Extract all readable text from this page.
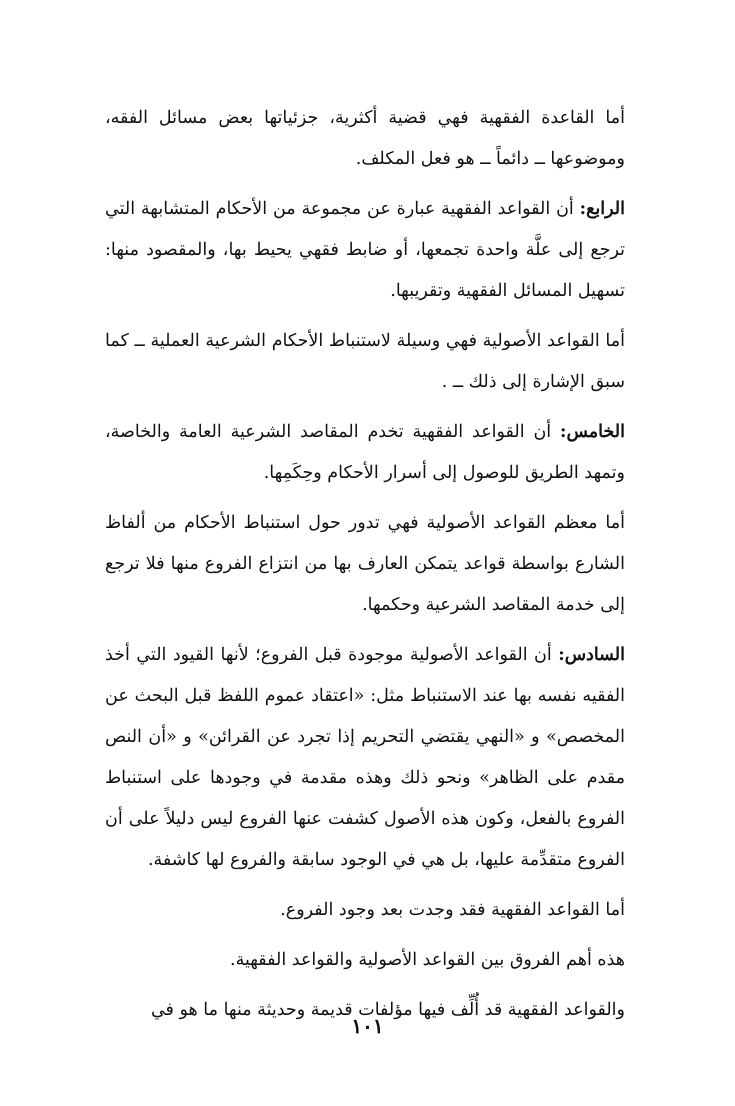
أما القاعدة الفقهية فهي قضية أكثرية، جزئياتها بعض مسائل الفقه، وموضوعها ــ دائماً ــ هو فعل المكلف.

الرابع: أن القواعد الفقهية عبارة عن مجموعة من الأحكام المتشابهة التي ترجع إلى علَّة واحدة تجمعها، أو ضابط فقهي يحيط بها، والمقصود منها: تسهيل المسائل الفقهية وتقريبها.

أما القواعد الأصولية فهي وسيلة لاستنباط الأحكام الشرعية العملية ــ كما سبق الإشارة إلى ذلك ــ .

الخامس: أن القواعد الفقهية تخدم المقاصد الشرعية العامة والخاصة، وتمهد الطريق للوصول إلى أسرار الأحكام وحِكَمِها.

أما معظم القواعد الأصولية فهي تدور حول استنباط الأحكام من ألفاظ الشارع بواسطة قواعد يتمكن العارف بها من انتزاع الفروع منها فلا ترجع إلى خدمة المقاصد الشرعية وحكمها.

السادس: أن القواعد الأصولية موجودة قبل الفروع؛ لأنها القيود التي أخذ الفقيه نفسه بها عند الاستنباط مثل: «اعتقاد عموم اللفظ قبل البحث عن المخصص» و «النهي يقتضي التحريم إذا تجرد عن القرائن» و «أن النص مقدم على الظاهر» ونحو ذلك وهذه مقدمة في وجودها على استنباط الفروع بالفعل، وكون هذه الأصول كشفت عنها الفروع ليس دليلاً على أن الفروع متقدِّمة عليها، بل هي في الوجود سابقة والفروع لها كاشفة.

أما القواعد الفقهية فقد وجدت بعد وجود الفروع.

هذه أهم الفروق بين القواعد الأصولية والقواعد الفقهية.

والقواعد الفقهية قد أُلِّف فيها مؤلفات قديمة وحديثة منها ما هو في

١٠١
